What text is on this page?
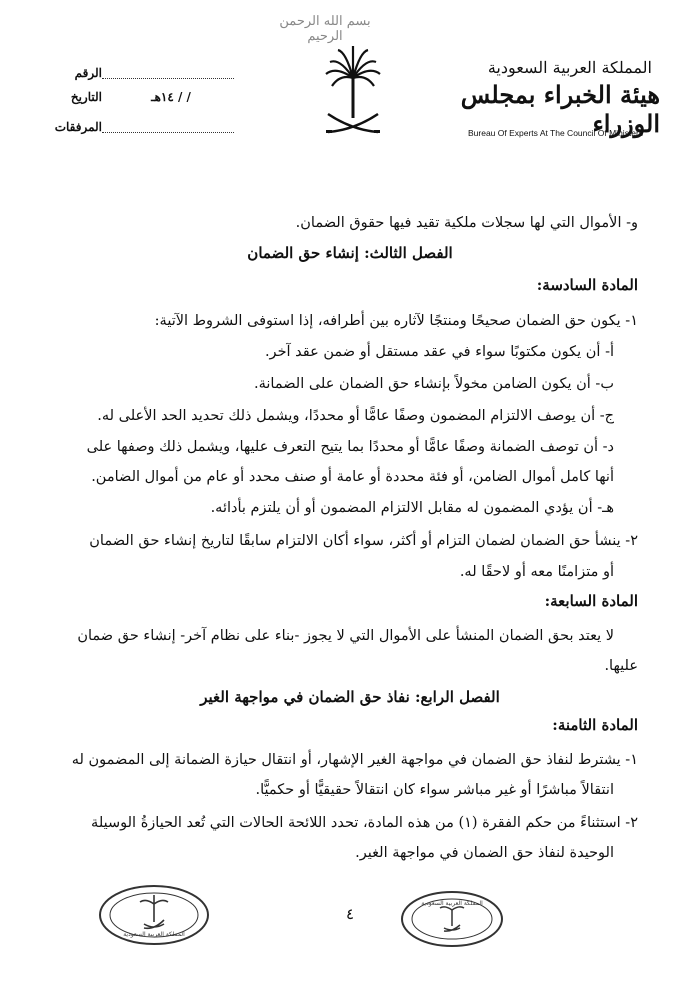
بسم الله الرحمن الرحيم
المملكة العربية السعودية
هيئة الخبراء بمجلس الوزراء
Bureau Of Experts At The Council Of Ministers
الرقم
التاريخ	/ / ١٤هـ
المرفقات
و- الأموال التي لها سجلات ملكية تقيد فيها حقوق الضمان.
الفصل الثالث: إنشاء حق الضمان
المادة السادسة:
١- يكون حق الضمان صحيحًا ومنتجًا لآثاره بين أطرافه، إذا استوفى الشروط الآتية:
أ- أن يكون مكتوبًا سواء في عقد مستقل أو ضمن عقد آخر.
ب- أن يكون الضامن مخولاً بإنشاء حق الضمان على الضمانة.
ج- أن يوصف الالتزام المضمون وصفًا عامًّا أو محددًا، ويشمل ذلك تحديد الحد الأعلى له.
د- أن توصف الضمانة وصفًا عامًّا أو محددًا بما يتيح التعرف عليها، ويشمل ذلك وصفها على
أنها كامل أموال الضامن، أو فئة محددة أو عامة أو صنف محدد أو عام من أموال الضامن.
هـ- أن يؤدي المضمون له مقابل الالتزام المضمون أو أن يلتزم بأدائه.
٢- ينشأ حق الضمان لضمان التزام أو أكثر، سواء أكان الالتزام سابقًا لتاريخ إنشاء حق الضمان
أو متزامنًا معه أو لاحقًا له.
المادة السابعة:
لا يعتد بحق الضمان المنشأ على الأموال التي لا يجوز -بناء على نظام آخر- إنشاء حق ضمان
عليها.
الفصل الرابع: نفاذ حق الضمان في مواجهة الغير
المادة الثامنة:
١- يشترط لنفاذ حق الضمان في مواجهة الغير الإشهار، أو انتقال حيازة الضمانة إلى المضمون له
انتقالاً مباشرًا أو غير مباشر سواء كان انتقالاً حقيقيًّا أو حكميًّا.
٢- استثناءً من حكم الفقرة (١) من هذه المادة، تحدد اللائحة الحالات التي تُعد الحيازةُ الوسيلة
الوحيدة لنفاذ حق الضمان في مواجهة الغير.
٤
المملكة العربية السعودية
المملكة العربية السعودية
